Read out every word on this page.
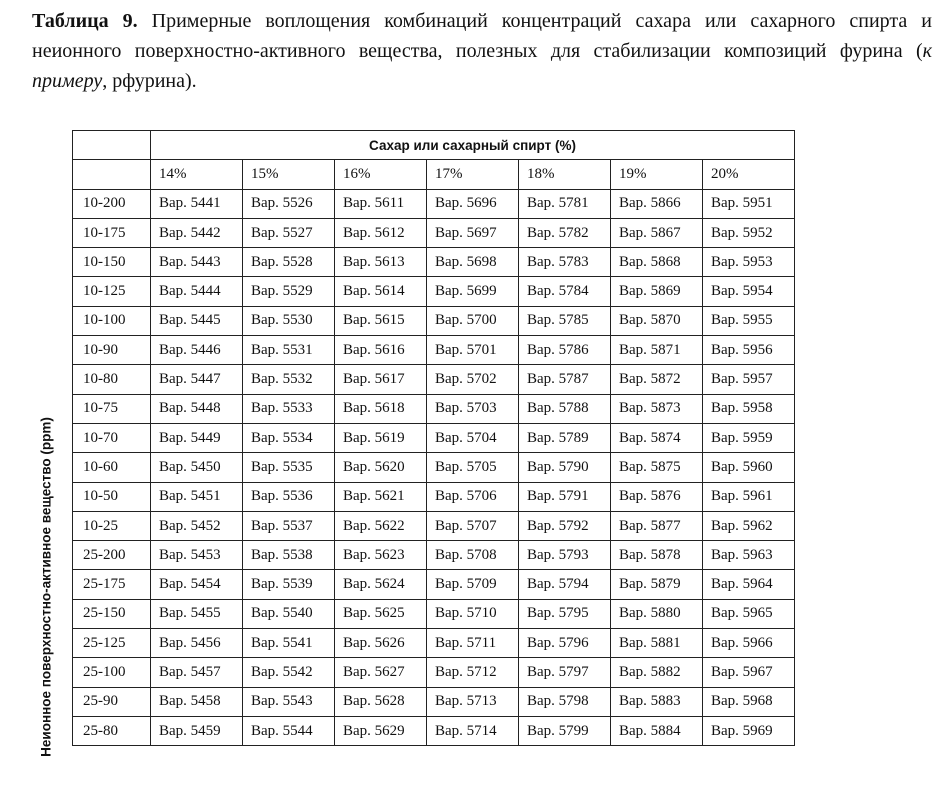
Таблица 9. Примерные воплощения комбинаций концентраций сахара или сахарного спирта и неионного поверхностно-активного вещества, полезных для стабилизации композиций фурина (к примеру, рфурина).
Неионное поверхностно-активное вещество (ppm)
	Сахар или сахарный спирт (%)						
	14%	15%	16%	17%	18%	19%	20%
10-200	Вар. 5441	Вар. 5526	Вар. 5611	Вар. 5696	Вар. 5781	Вар. 5866	Вар. 5951
10-175	Вар. 5442	Вар. 5527	Вар. 5612	Вар. 5697	Вар. 5782	Вар. 5867	Вар. 5952
10-150	Вар. 5443	Вар. 5528	Вар. 5613	Вар. 5698	Вар. 5783	Вар. 5868	Вар. 5953
10-125	Вар. 5444	Вар. 5529	Вар. 5614	Вар. 5699	Вар. 5784	Вар. 5869	Вар. 5954
10-100	Вар. 5445	Вар. 5530	Вар. 5615	Вар. 5700	Вар. 5785	Вар. 5870	Вар. 5955
10-90	Вар. 5446	Вар. 5531	Вар. 5616	Вар. 5701	Вар. 5786	Вар. 5871	Вар. 5956
10-80	Вар. 5447	Вар. 5532	Вар. 5617	Вар. 5702	Вар. 5787	Вар. 5872	Вар. 5957
10-75	Вар. 5448	Вар. 5533	Вар. 5618	Вар. 5703	Вар. 5788	Вар. 5873	Вар. 5958
10-70	Вар. 5449	Вар. 5534	Вар. 5619	Вар. 5704	Вар. 5789	Вар. 5874	Вар. 5959
10-60	Вар. 5450	Вар. 5535	Вар. 5620	Вар. 5705	Вар. 5790	Вар. 5875	Вар. 5960
10-50	Вар. 5451	Вар. 5536	Вар. 5621	Вар. 5706	Вар. 5791	Вар. 5876	Вар. 5961
10-25	Вар. 5452	Вар. 5537	Вар. 5622	Вар. 5707	Вар. 5792	Вар. 5877	Вар. 5962
25-200	Вар. 5453	Вар. 5538	Вар. 5623	Вар. 5708	Вар. 5793	Вар. 5878	Вар. 5963
25-175	Вар. 5454	Вар. 5539	Вар. 5624	Вар. 5709	Вар. 5794	Вар. 5879	Вар. 5964
25-150	Вар. 5455	Вар. 5540	Вар. 5625	Вар. 5710	Вар. 5795	Вар. 5880	Вар. 5965
25-125	Вар. 5456	Вар. 5541	Вар. 5626	Вар. 5711	Вар. 5796	Вар. 5881	Вар. 5966
25-100	Вар. 5457	Вар. 5542	Вар. 5627	Вар. 5712	Вар. 5797	Вар. 5882	Вар. 5967
25-90	Вар. 5458	Вар. 5543	Вар. 5628	Вар. 5713	Вар. 5798	Вар. 5883	Вар. 5968
25-80	Вар. 5459	Вар. 5544	Вар. 5629	Вар. 5714	Вар. 5799	Вар. 5884	Вар. 5969
